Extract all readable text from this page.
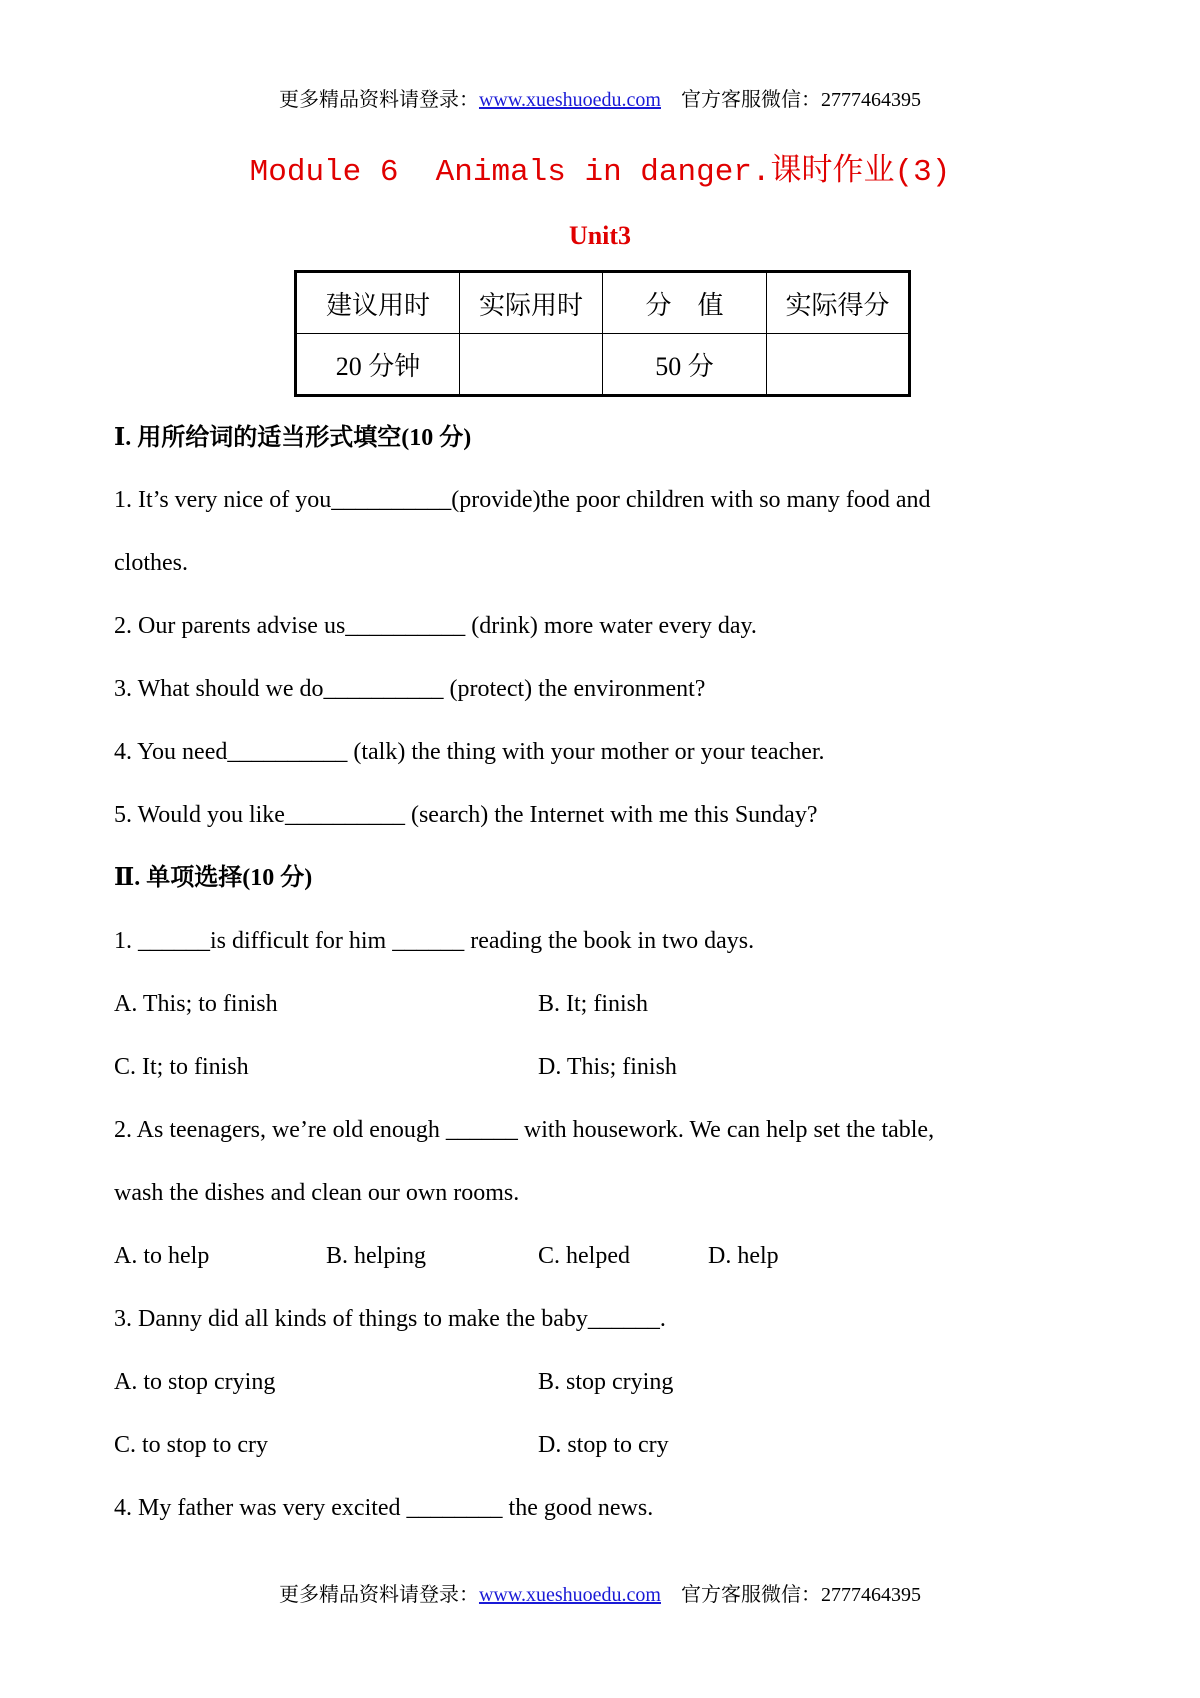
更多精品资料请登录：www.xueshuoedu.com 官方客服微信：2777464395
Module 6  Animals in danger.课时作业(3)
Unit3
建议用时	实际用时	分　值	实际得分
20 分钟		50 分	
Ⅰ. 用所给词的适当形式填空(10 分)
1. It’s very nice of you__________(provide)the poor children with so many food and
clothes.
2. Our parents advise us__________ (drink) more water every day.
3. What should we do__________ (protect) the environment?
4. You need__________ (talk) the thing with your mother or your teacher.
5. Would you like__________ (search) the Internet with me this Sunday?
Ⅱ. 单项选择(10 分)
1. ______is difficult for him ______ reading the book in two days.
A. This; to finish	B. It; finish
C. It; to finish	D. This; finish
2. As teenagers, we’re old enough ______ with housework. We can help set the table,
wash the dishes and clean our own rooms.
A. to help	B. helping	C. helped	D. help
3. Danny did all kinds of things to make the baby______.
A. to stop crying	B. stop crying
C. to stop to cry	D. stop to cry
4. My father was very excited ________ the good news.
更多精品资料请登录：www.xueshuoedu.com 官方客服微信：2777464395
